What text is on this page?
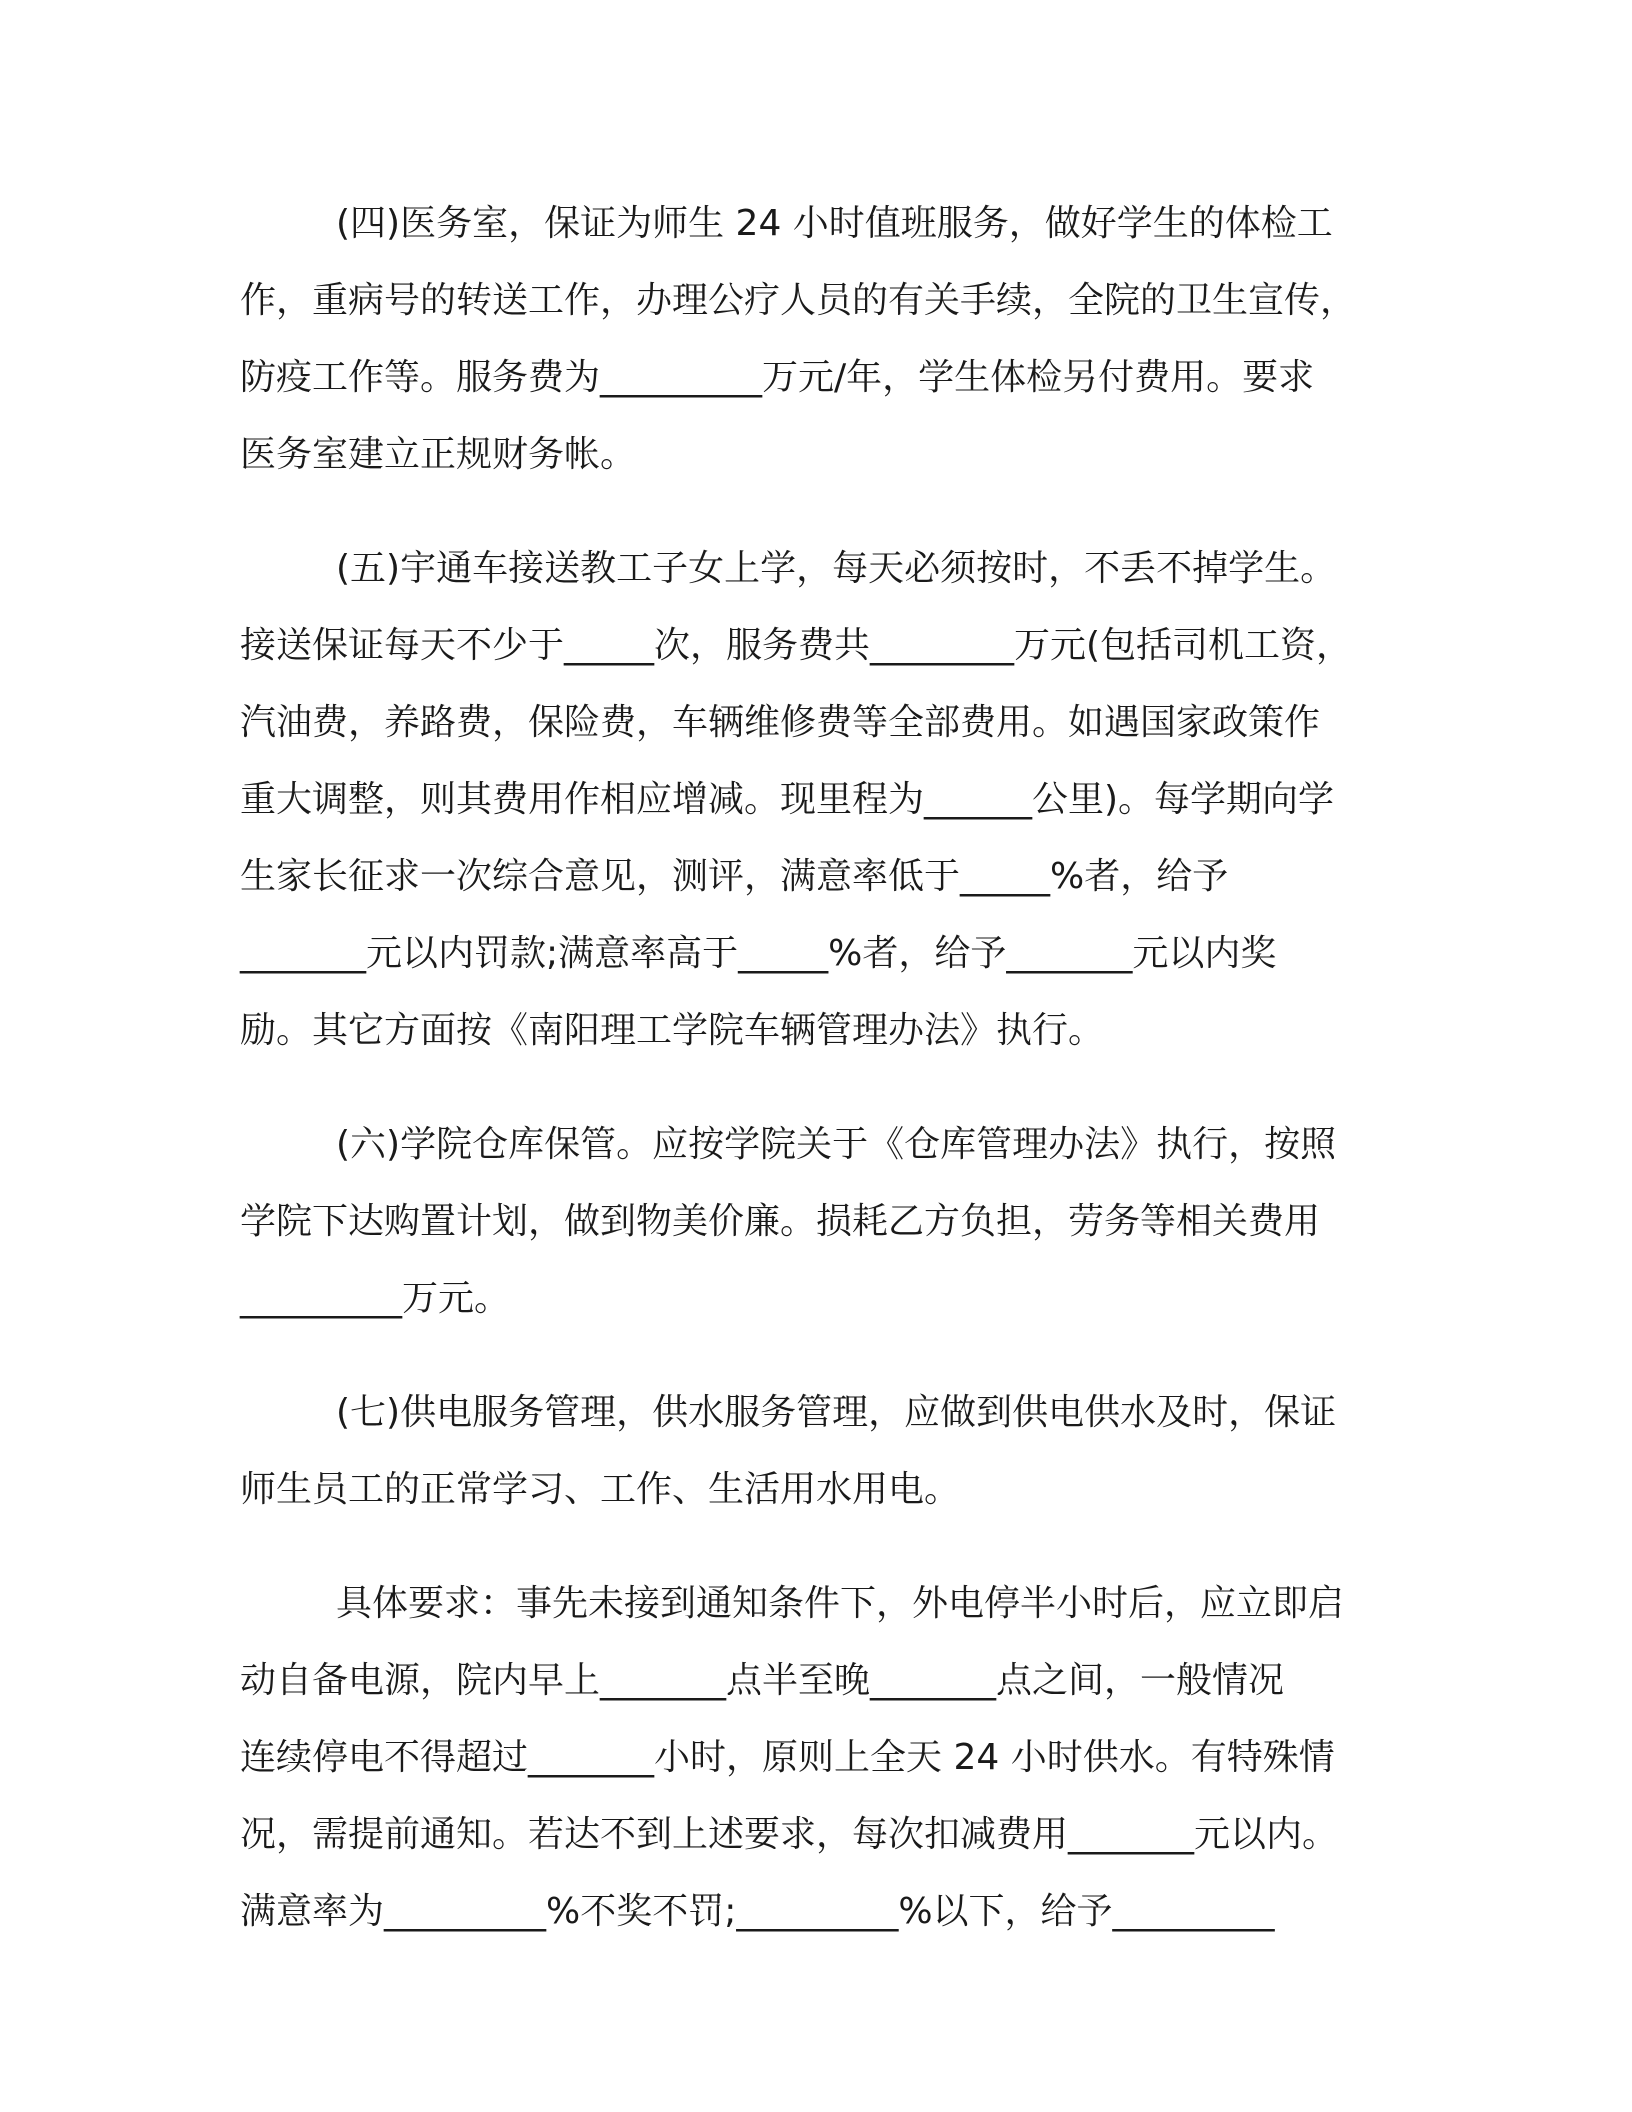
(四)医务室，保证为师生 24 小时值班服务，做好学生的体检工
作，重病号的转送工作，办理公疗人员的有关手续，全院的卫生宣传，
防疫工作等。服务费为_________万元/年，学生体检另付费用。要求
医务室建立正规财务帐。
(五)宇通车接送教工子女上学，每天必须按时，不丢不掉学生。
接送保证每天不少于_____次，服务费共________万元(包括司机工资，
汽油费，养路费，保险费，车辆维修费等全部费用。如遇国家政策作
重大调整，则其费用作相应增减。现里程为______公里)。每学期向学
生家长征求一次综合意见，测评，满意率低于_____%者，给予
_______元以内罚款;满意率高于_____%者，给予_______元以内奖
励。其它方面按《南阳理工学院车辆管理办法》执行。
(六)学院仓库保管。应按学院关于《仓库管理办法》执行，按照
学院下达购置计划，做到物美价廉。损耗乙方负担，劳务等相关费用
_________万元。
(七)供电服务管理，供水服务管理，应做到供电供水及时，保证
师生员工的正常学习、工作、生活用水用电。
具体要求：事先未接到通知条件下，外电停半小时后，应立即启
动自备电源，院内早上_______点半至晚_______点之间，一般情况
连续停电不得超过_______小时，原则上全天 24 小时供水。有特殊情
况，需提前通知。若达不到上述要求，每次扣减费用_______元以内。
满意率为_________%不奖不罚;_________%以下，给予_________
